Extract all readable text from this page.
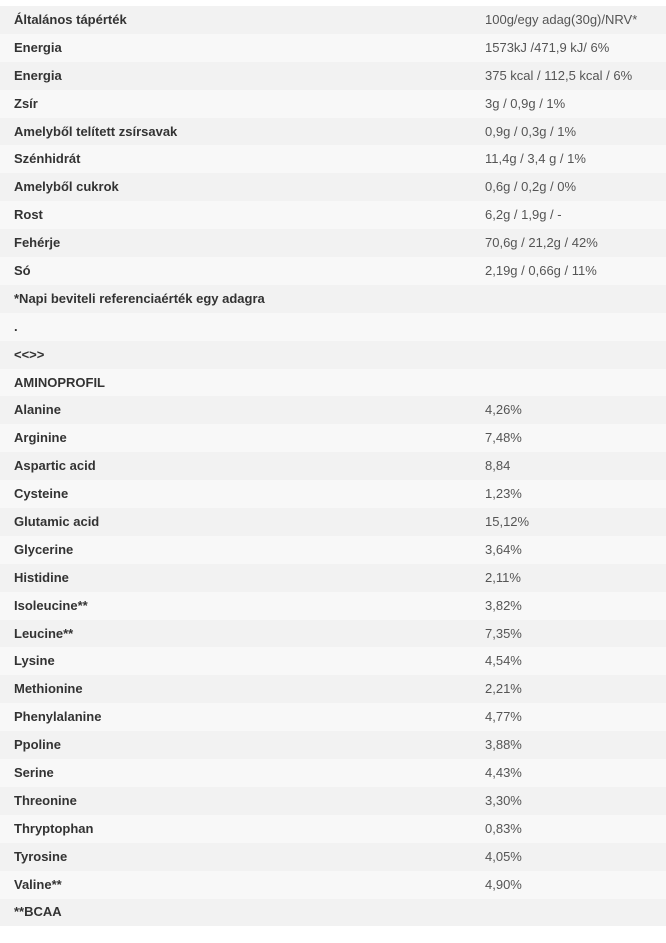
Általános tápérték	100g/egy adag(30g)/NRV*
Energia	1573kJ /471,9 kJ/ 6%
Energia	375 kcal / 112,5 kcal / 6%
Zsír	3g / 0,9g / 1%
Amelyből telített zsírsavak	0,9g / 0,3g / 1%
Szénhidrát	11,4g / 3,4 g / 1%
Amelyből cukrok	0,6g / 0,2g / 0%
Rost	6,2g / 1,9g / -
Fehérje	70,6g / 21,2g / 42%
Só	2,19g / 0,66g / 11%
*Napi beviteli referenciaérték egy adagra	
.	
<<>>	
AMINOPROFIL	
Alanine	4,26%
Arginine	7,48%
Aspartic acid	8,84
Cysteine	1,23%
Glutamic acid	15,12%
Glycerine	3,64%
Histidine	2,11%
Isoleucine**	3,82%
Leucine**	7,35%
Lysine	4,54%
Methionine	2,21%
Phenylalanine	4,77%
Ppoline	3,88%
Serine	4,43%
Threonine	3,30%
Thryptophan	0,83%
Tyrosine	4,05%
Valine**	4,90%
**BCAA	
